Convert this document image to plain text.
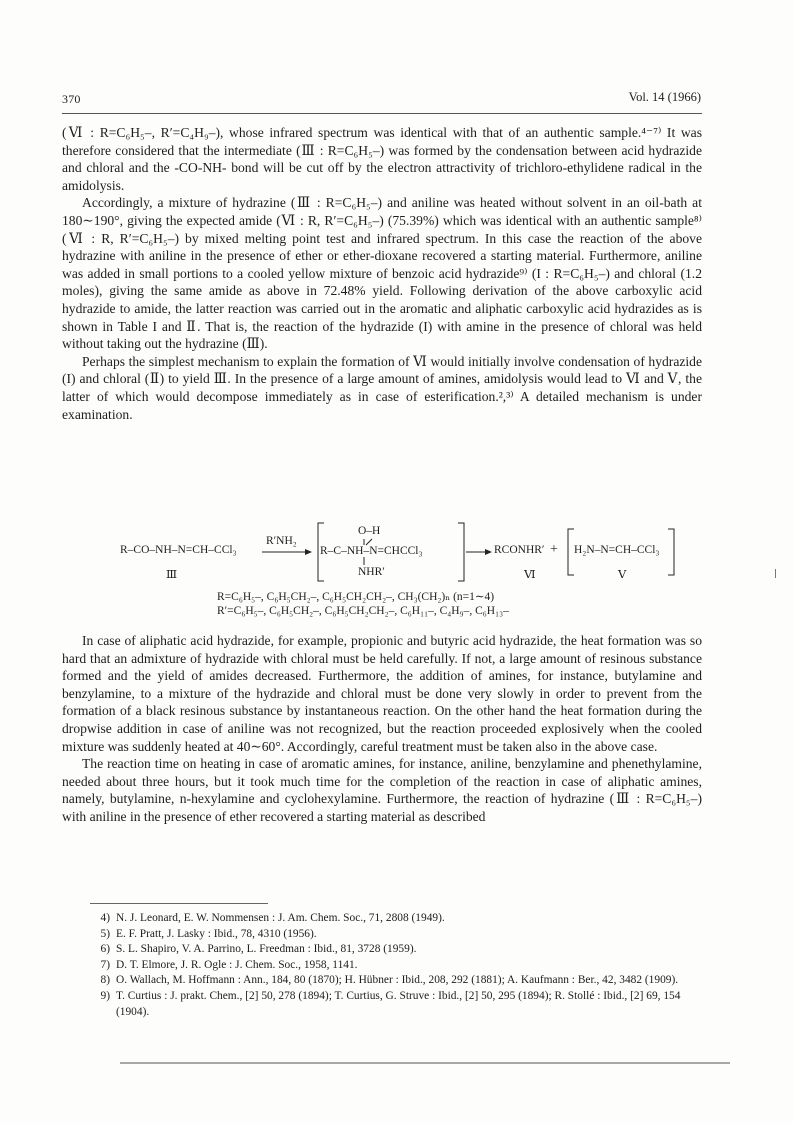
370	Vol. 14 (1966)

(Ⅵ : R=C₆H₅–, R′=C₄H₉–), whose infrared spectrum was identical with that of an authentic sample.⁴⁻⁷⁾ It was therefore considered that the intermediate (Ⅲ : R=C₆H₅–) was formed by the condensation between acid hydrazide and chloral and the -CO-NH- bond will be cut off by the electron attractivity of trichloro-ethylidene radical in the amidolysis.

Accordingly, a mixture of hydrazine (Ⅲ : R=C₆H₅–) and aniline was heated without solvent in an oil-bath at 180∼190°, giving the expected amide (Ⅵ : R, R′=C₆H₅–) (75.39%) which was identical with an authentic sample⁸⁾ (Ⅵ : R, R′=C₆H₅–) by mixed melting point test and infrared spectrum. In this case the reaction of the above hydrazine with aniline in the presence of ether or ether-dioxane recovered a starting material. Furthermore, aniline was added in small portions to a cooled yellow mixture of benzoic acid hydrazide⁹⁾ (I : R=C₆H₅–) and chloral (1.2 moles), giving the same amide as above in 72.48% yield. Following derivation of the above carboxylic acid hydrazide to amide, the latter reaction was carried out in the aromatic and aliphatic carboxylic acid hydrazides as is shown in Table I and Ⅱ. That is, the reaction of the hydrazide (I) with amine in the presence of chloral was held without taking out the hydrazine (Ⅲ).

Perhaps the simplest mechanism to explain the formation of Ⅵ would initially involve condensation of hydrazide (I) and chloral (Ⅱ) to yield Ⅲ. In the presence of a large amount of amines, amidolysis would lead to Ⅵ and Ⅴ, the latter of which would decompose immediately as in case of esterification.²,³⁾ A detailed mechanism is under examination.

R–CO–NH–N=CH–CCl₃
Ⅲ
R′NH₂
O–H
R–C–NH–N=CHCCl₃
NHR′
RCONHR′
Ⅵ
+ H₂N–N=CH–CCl₃
Ⅴ
R=C₆H₅–, C₆H₅CH₂–, C₆H₅CH₂CH₂–, CH₃(CH₂)ₙ (n=1∼4)
R′=C₆H₅–, C₆H₅CH₂–, C₆H₅CH₂CH₂–, C₆H₁₁–, C₄H₉–, C₆H₁₃–

In case of aliphatic acid hydrazide, for example, propionic and butyric acid hydrazide, the heat formation was so hard that an admixture of hydrazide with chloral must be held carefully. If not, a large amount of resinous substance formed and the yield of amides decreased. Furthermore, the addition of amines, for instance, butylamine and benzylamine, to a mixture of the hydrazide and chloral must be done very slowly in order to prevent from the formation of a black resinous substance by instantaneous reaction. On the other hand the heat formation during the dropwise addition in case of aniline was not recognized, but the reaction proceeded explosively when the cooled mixture was suddenly heated at 40∼60°. Accordingly, careful treatment must be taken also in the above case.

The reaction time on heating in case of aromatic amines, for instance, aniline, benzylamine and phenethylamine, needed about three hours, but it took much time for the completion of the reaction in case of aliphatic amines, namely, butylamine, n-hexylamine and cyclohexylamine. Furthermore, the reaction of hydrazine (Ⅲ : R=C₆H₅–) with aniline in the presence of ether recovered a starting material as described

4) N. J. Leonard, E. W. Nommensen : J. Am. Chem. Soc., 71, 2808 (1949).
5) E. F. Pratt, J. Lasky : Ibid., 78, 4310 (1956).
6) S. L. Shapiro, V. A. Parrino, L. Freedman : Ibid., 81, 3728 (1959).
7) D. T. Elmore, J. R. Ogle : J. Chem. Soc., 1958, 1141.
8) O. Wallach, M. Hoffmann : Ann., 184, 80 (1870); H. Hübner : Ibid., 208, 292 (1881); A. Kaufmann : Ber., 42, 3482 (1909).
9) T. Curtius : J. prakt. Chem., [2] 50, 278 (1894); T. Curtius, G. Struve : Ibid., [2] 50, 295 (1894); R. Stollé : Ibid., [2] 69, 154 (1904).
